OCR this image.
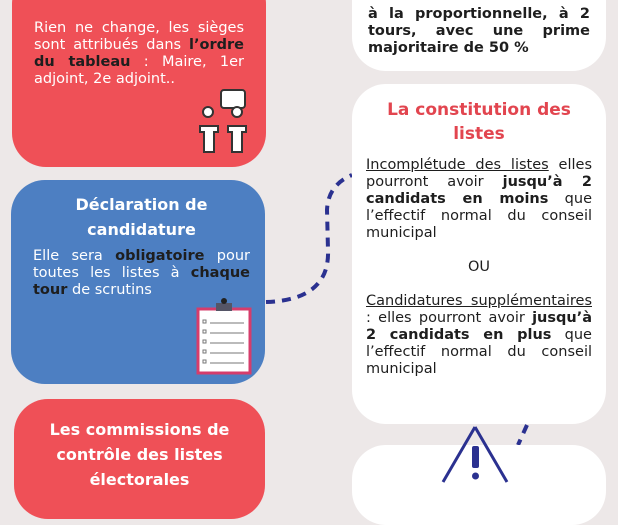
Rien ne change, les sièges sont attribués dans l’ordre du tableau : Maire, 1er adjoint, 2e adjoint..
à la proportionnelle, à 2 tours, avec une prime majoritaire de 50 %
Déclaration de candidature
Elle sera obligatoire pour toutes les listes à chaque tour de scrutins
La constitution des listes
Incomplétude des listes elles pourront avoir jusqu’à 2 candidats en moins que l’effectif normal du conseil municipal
OU
Candidatures supplémentaires : elles pourront avoir jusqu’à 2 candidats en plus que l’effectif normal du conseil municipal
Les commissions de contrôle des listes électorales
